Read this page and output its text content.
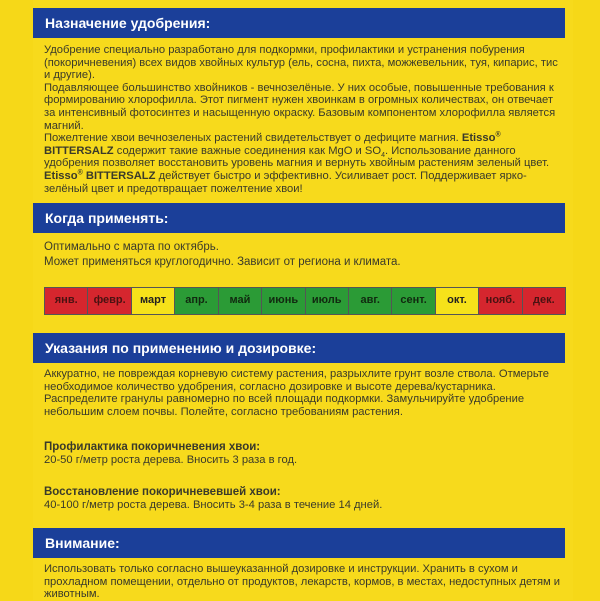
Назначение удобрения:

Удобрение специально разработано для подкормки, профилактики и устранения побурения (покоричневения) всех видов хвойных культур (ель, сосна, пихта, можжевельник, туя, кипарис, тис и другие).

Подавляющее большинство хвойников - вечнозелёные. У них особые, повышенные требования к формированию хлорофилла. Этот пигмент нужен хвоинкам в огромных количествах, он отвечает за интенсивный фотосинтез и насыщенную окраску. Базовым компонентом хлорофилла является магний.

Пожелтение хвои вечнозеленых растений свидетельствует о дефиците магния. Etisso® BITTERSALZ содержит такие важные соединения как MgO и $SO_4$. Использование данного удобрения позволяет восстановить уровень магния и вернуть хвойным растениям зеленый цвет.

Etisso® BITTERSALZ действует быстро и эффективно. Усиливает рост. Поддерживает ярко-зелёный цвет и предотвращает пожелтение хвои!

Когда применять:

Оптимально с марта по октябрь.

Может применяться круглогодично. Зависит от региона и климата.

янв.	февр.	март	апр.	май	июнь	июль	авг.	сент.	окт.	нояб.	дек.
Указания по применению и дозировке:

Аккуратно, не повреждая корневую систему растения, разрыхлите грунт возле ствола. Отмерьте необходимое количество удобрения, согласно дозировке и высоте дерева/кустарника. Распределите гранулы равномерно по всей площади подкормки. Замульчируйте удобрение небольшим слоем почвы. Полейте, согласно требованиям растения.

Профилактика покоричневения хвои:

20-50 г/метр роста дерева. Вносить 3 раза в год.

Восстановление покоричневевшей хвои:

40-100 г/метр роста дерева. Вносить 3-4 раза в течение 14 дней.

Внимание:

Использовать только согласно вышеуказанной дозировке и инструкции. Хранить в сухом и прохладном помещении, отдельно от продуктов, лекарств, кормов, в местах, недоступных детям и животным.
